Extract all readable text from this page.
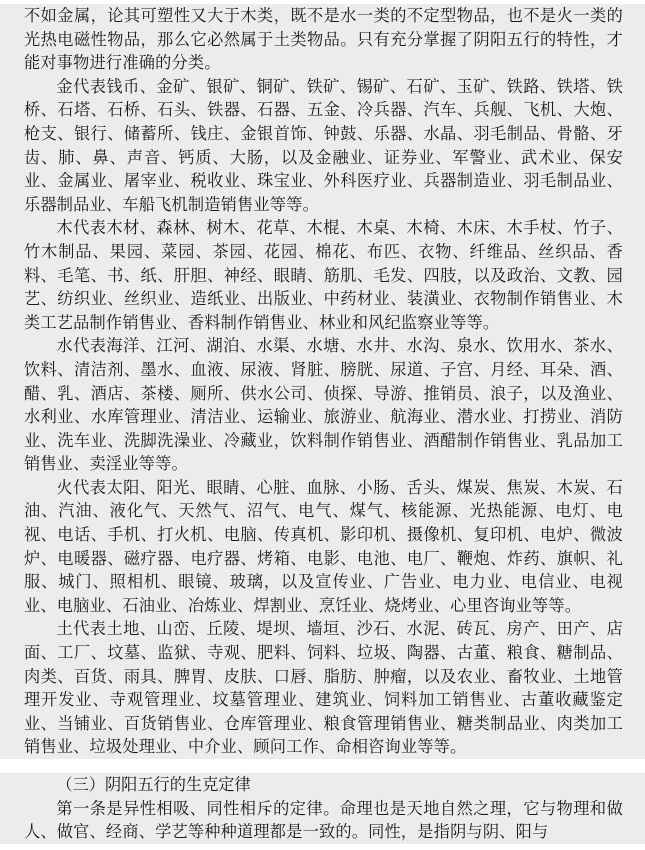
不如金属，论其可塑性又大于木类，既不是水一类的不定型物品，也不是火一类的光热电磁性物品，那么它必然属于土类物品。只有充分掌握了阴阳五行的特性，才能对事物进行准确的分类。

金代表钱币、金矿、银矿、铜矿、铁矿、锡矿、石矿、玉矿、铁路、铁塔、铁桥、石塔、石桥、石头、铁器、石器、五金、冷兵器、汽车、兵舰、飞机、大炮、枪支、银行、储蓄所、钱庄、金银首饰、钟鼓、乐器、水晶、羽毛制品、骨骼、牙齿、肺、鼻、声音、钙质、大肠，以及金融业、证券业、军警业、武术业、保安业、金属业、屠宰业、税收业、珠宝业、外科医疗业、兵器制造业、羽毛制品业、乐器制品业、车船飞机制造销售业等等。

木代表木材、森林、树木、花草、木棍、木桌、木椅、木床、木手杖、竹子、竹木制品、果园、菜园、茶园、花园、棉花、布匹、衣物、纤维品、丝织品、香料、毛笔、书、纸、肝胆、神经、眼睛、筋肌、毛发、四肢，以及政治、文教、园艺、纺织业、丝织业、造纸业、出版业、中药材业、装潢业、衣物制作销售业、木类工艺品制作销售业、香料制作销售业、林业和风纪监察业等等。

水代表海洋、江河、湖泊、水渠、水塘、水井、水沟、泉水、饮用水、茶水、饮料、清洁剂、墨水、血液、尿液、肾脏、膀胱、尿道、子宫、月经、耳朵、酒、醋、乳、酒店、茶楼、厕所、供水公司、侦探、导游、推销员、浪子，以及渔业、水利业、水库管理业、清洁业、运输业、旅游业、航海业、潜水业、打捞业、消防业、洗车业、洗脚洗澡业、冷藏业，饮料制作销售业、酒醋制作销售业、乳品加工销售业、卖淫业等等。

火代表太阳、阳光、眼睛、心脏、血脉、小肠、舌头、煤炭、焦炭、木炭、石油、汽油、液化气、天然气、沼气、电气、煤气、核能源、光热能源、电灯、电视、电话、手机、打火机、电脑、传真机、影印机、摄像机、复印机、电炉、微波炉、电暖器、磁疗器、电疗器、烤箱、电影、电池、电厂、鞭炮、炸药、旗帜、礼服、城门、照相机、眼镜、玻璃，以及宣传业、广告业、电力业、电信业、电视业、电脑业、石油业、冶炼业、焊割业、烹饪业、烧烤业、心里咨询业等等。

土代表土地、山峦、丘陵、堤坝、墙垣、沙石、水泥、砖瓦、房产、田产、店面、工厂、坟墓、监狱、寺观、肥料、饲料、垃圾、陶器、古董、粮食、糖制品、肉类、百货、雨具、脾胃、皮肤、口唇、脂肪、肿瘤，以及农业、畜牧业、土地管理开发业、寺观管理业、坟墓管理业、建筑业、饲料加工销售业、古董收藏鉴定业、当铺业、百货销售业、仓库管理业、粮食管理销售业、糖类制品业、肉类加工销售业、垃圾处理业、中介业、顾问工作、命相咨询业等等。

（三）阴阳五行的生克定律

第一条是异性相吸、同性相斥的定律。命理也是天地自然之理，它与物理和做人、做官、经商、学艺等种种道理都是一致的。同性，是指阴与阴、阳与
